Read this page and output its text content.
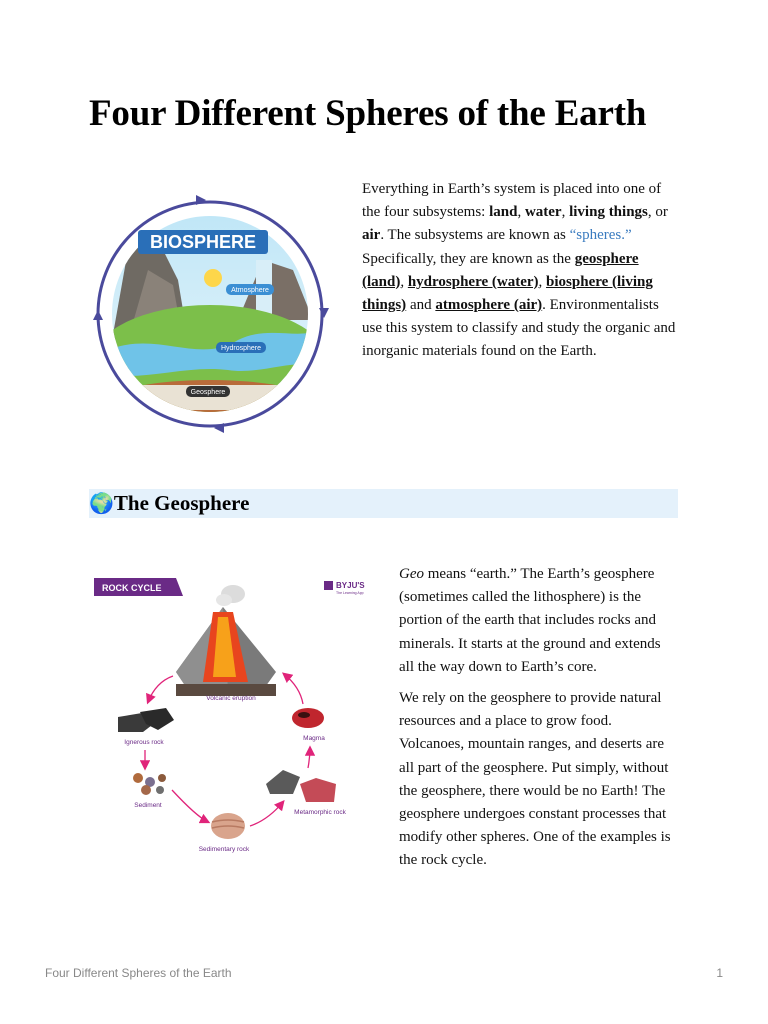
Four Different Spheres of the Earth
BIOSPHERE
Atmosphere
Hydrosphere
Geosphere

Everything in Earth’s system is placed into one of the four subsystems: land, water, living things, or air. The subsystems are known as “spheres.” Specifically, they are known as the geosphere (land), hydrosphere (water), biosphere (living things) and atmosphere (air). Environmentalists use this system to classify and study the organic and inorganic materials found on the Earth.

🌍The Geosphere
ROCK CYCLE	BYJU'S
The Learning App
Volcanic eruption
Ignerous rock
Magma
Sediment
Metamorphic rock
Sedimentary rock

Geo means “earth.” The Earth’s geosphere (sometimes called the lithosphere) is the portion of the earth that includes rocks and minerals. It starts at the ground and extends all the way down to Earth’s core.

We rely on the geosphere to provide natural resources and a place to grow food. Volcanoes, mountain ranges, and deserts are all part of the geosphere. Put simply, without the geosphere, there would be no Earth! The geosphere undergoes constant processes that modify other spheres. One of the examples is the rock cycle.

Four Different Spheres of the Earth	1
